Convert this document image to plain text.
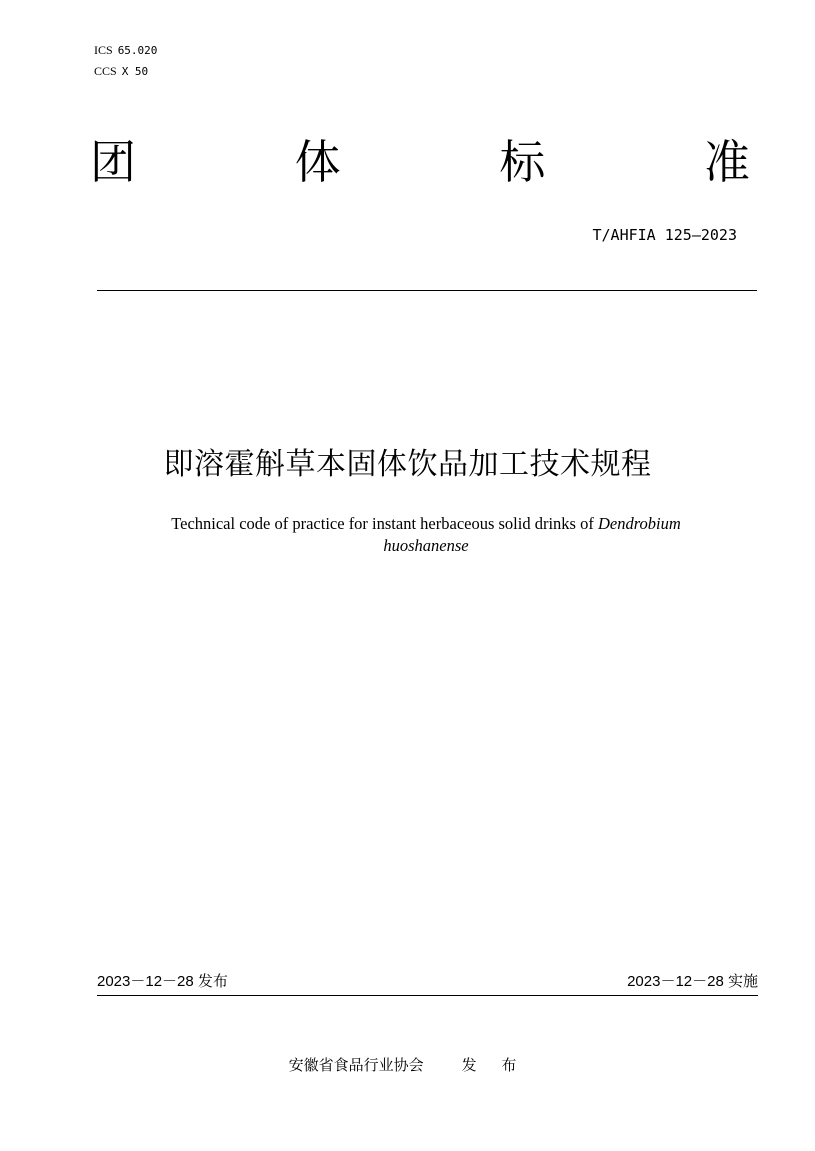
ICS 65.020
CCS X 50
团	体	标	准
T/AHFIA 125—2023
即溶霍斛草本固体饮品加工技术规程
Technical code of practice for instant herbaceous solid drinks of Dendrobium
huoshanense
2023－12－28 发布	2023－12－28 实施
安徽省食品行业协会	发 布
